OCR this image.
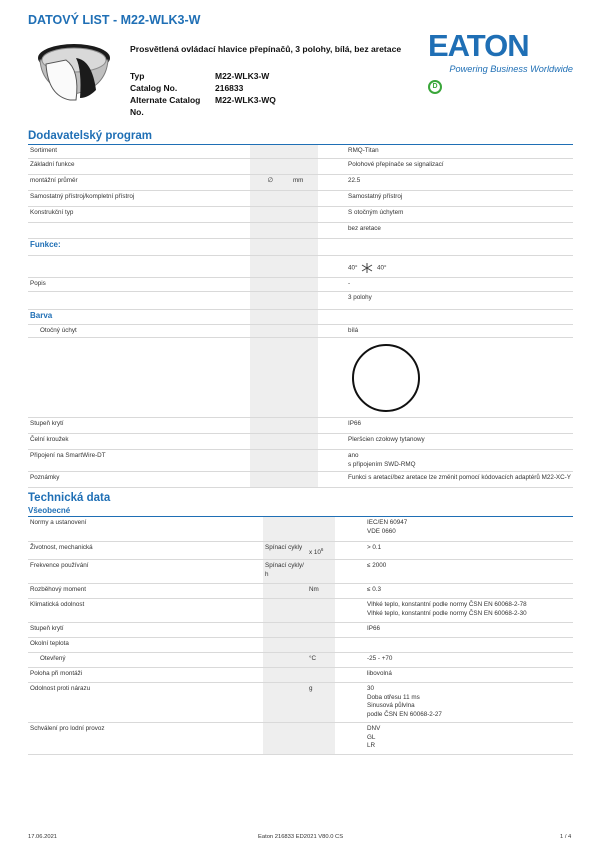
DATOVÝ LIST - M22-WLK3-W
Prosvětlená ovládací hlavice přepínačů, 3 polohy, bílá, bez aretace
Typ	M22-WLK3-W
Catalog No.	216833
Alternate Catalog No.
M22-WLK3-WQ
EATON
Powering Business Worldwide
D
Dodavatelský program
Sortiment				RMQ-Titan
Základní funkce				Polohové přepínače se signalizací
montážní průměr	∅	mm		22.5
Samostatný přístroj/kompletní přístroj				Samostatný přístroj
Konstrukční typ				S otočným úchytem
				bez aretace
Funkce:				
				40° 40°
Popis				-
				3 polohy
Barva				
Otočný úchyt				bílá

Stupeň krytí				IP66
Čelní kroužek				Pleršcien czołowy tytanowy
Připojení na SmartWire-DT				ano
s připojením SWD-RMQ

Poznámky				Funkci s aretací/bez aretace lze změnit pomocí kódovacích adaptérů M22-XC-Y
Technická data
Všeobecné
Normy a ustanovení				IEC/EN 60947
VDE 0660

Životnost, mechanická	Spínací cykly	x $10^6$		> 0.1
Frekvence používání	Spínací cykly/ h			≤ 2000
Rozběhový moment		Nm		≤ 0.3
Klimatická odolnost				Vlhké teplo, konstantní podle normy ČSN EN 60068-2-78
Vlhké teplo, konstantní podle normy ČSN EN 60068-2-30

Stupeň krytí				IP66
Okolní teplota				
Otevřený		°C		-25 - +70
Poloha při montáži				libovolná
Odolnost proti nárazu		g		30
Doba otřesu 11 ms
Sinusová půlvlna
podle ČSN EN 60068-2-27

Schválení pro lodní provoz				DNV
GL
LR
17.06.2021	Eaton 216833 ED2021 V80.0 CS	1 / 4
